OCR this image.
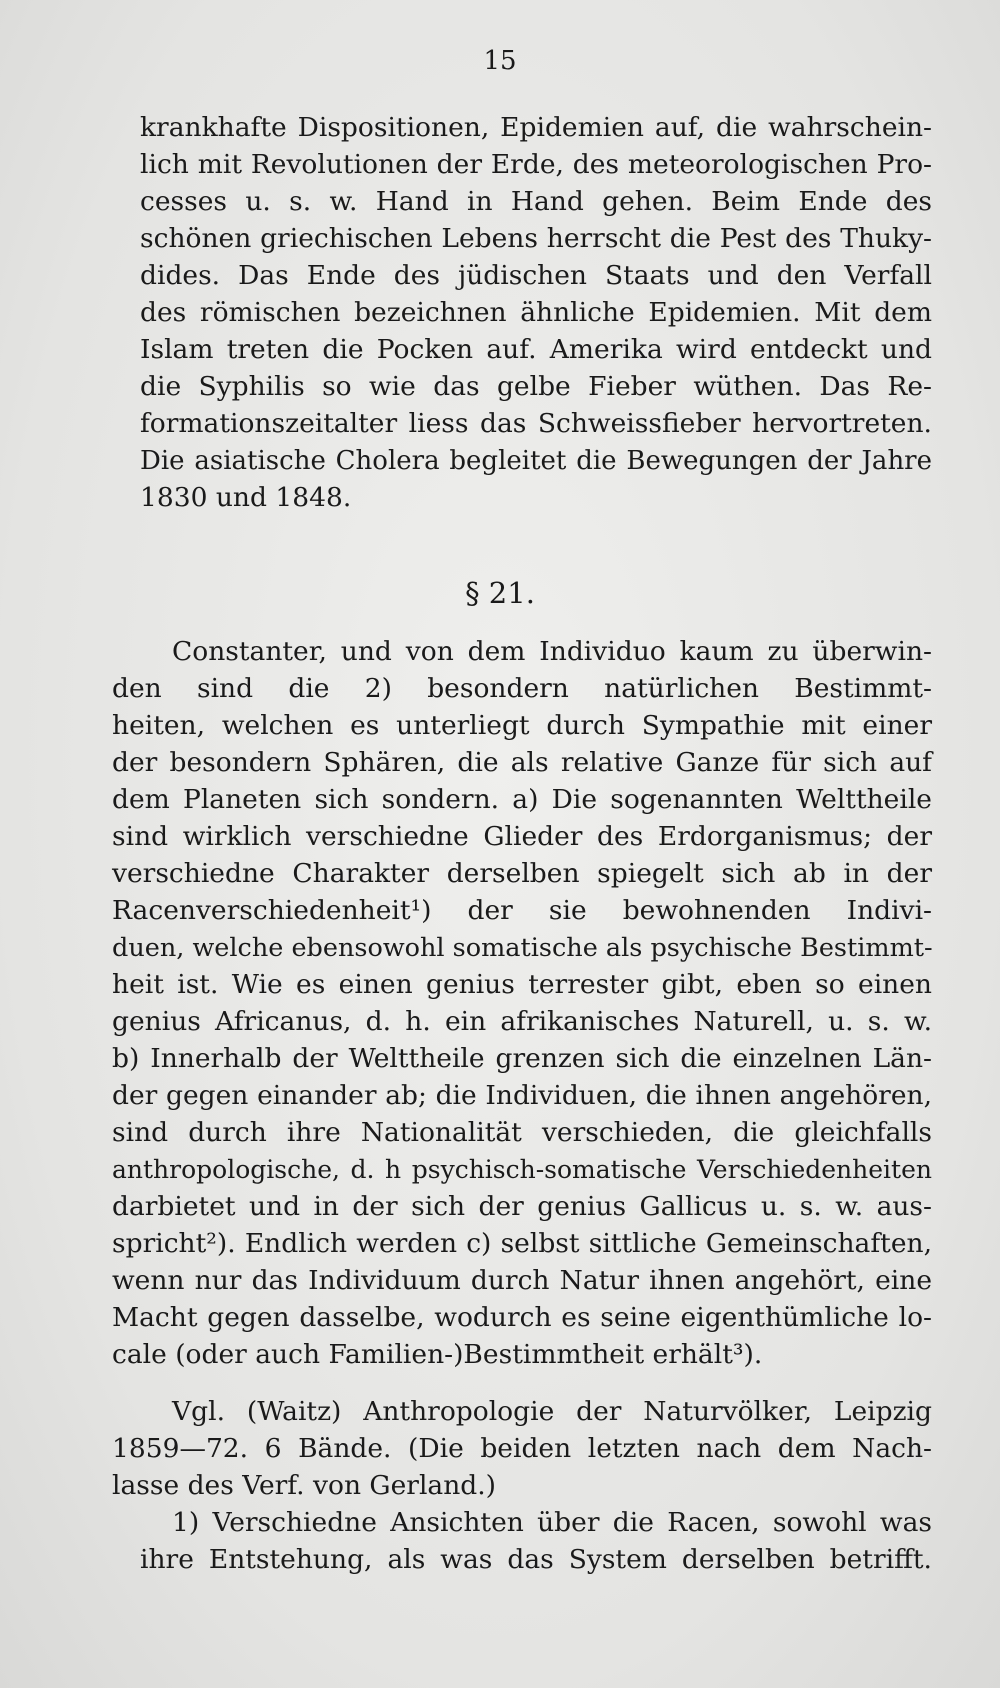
15
krankhafte Dispositionen, Epidemien auf, die wahrschein-
lich mit Revolutionen der Erde, des meteorologischen Pro-
cesses u. s. w. Hand in Hand gehen. Beim Ende des
schönen griechischen Lebens herrscht die Pest des Thuky-
dides. Das Ende des jüdischen Staats und den Verfall
des römischen bezeichnen ähnliche Epidemien. Mit dem
Islam treten die Pocken auf. Amerika wird entdeckt und
die Syphilis so wie das gelbe Fieber wüthen. Das Re-
formationszeitalter liess das Schweissfieber hervortreten.
Die asiatische Cholera begleitet die Bewegungen der Jahre
1830 und 1848.
§ 21.
Constanter, und von dem Individuo kaum zu überwin-
den sind die 2) besondern natürlichen Bestimmt-
heiten, welchen es unterliegt durch Sympathie mit einer
der besondern Sphären, die als relative Ganze für sich auf
dem Planeten sich sondern. a) Die sogenannten Welttheile
sind wirklich verschiedne Glieder des Erdorganismus; der
verschiedne Charakter derselben spiegelt sich ab in der
Racenverschiedenheit¹) der sie bewohnenden Indivi-
duen, welche ebensowohl somatische als psychische Bestimmt-
heit ist. Wie es einen genius terrester gibt, eben so einen
genius Africanus, d. h. ein afrikanisches Naturell, u. s. w.
b) Innerhalb der Welttheile grenzen sich die einzelnen Län-
der gegen einander ab; die Individuen, die ihnen angehören,
sind durch ihre Nationalität verschieden, die gleichfalls
anthropologische, d. h psychisch-somatische Verschiedenheiten
darbietet und in der sich der genius Gallicus u. s. w. aus-
spricht²). Endlich werden c) selbst sittliche Gemeinschaften,
wenn nur das Individuum durch Natur ihnen angehört, eine
Macht gegen dasselbe, wodurch es seine eigenthümliche lo-
cale (oder auch Familien-)Bestimmtheit erhält³).
Vgl. (Waitz) Anthropologie der Naturvölker, Leipzig
1859—72. 6 Bände. (Die beiden letzten nach dem Nach-
lasse des Verf. von Gerland.)
1) Verschiedne Ansichten über die Racen, sowohl was
ihre Entstehung, als was das System derselben betrifft.
